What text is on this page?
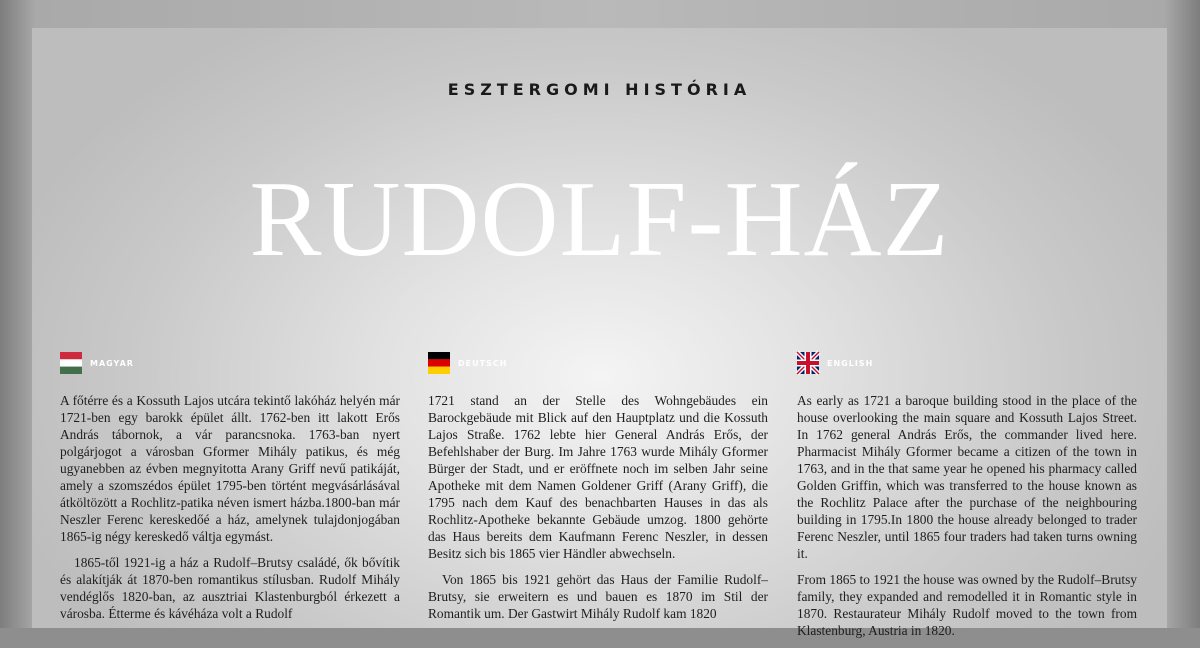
ESZTERGOMI HISTÓRIA
RUDOLF-HÁZ
MAGYAR

A főtérre és a Kossuth Lajos utcára tekintő lakóház helyén már 1721-ben egy barokk épület állt. 1762-ben itt lakott Erős András tábornok, a vár parancsnoka. 1763-ban nyert polgárjogot a városban Gformer Mihály patikus, és még ugyanebben az évben megnyitotta Arany Griff nevű patikáját, amely a szomszédos épület 1795-ben történt megvásárlásával átköltözött a Rochlitz-patika néven ismert házba.1800-ban már Neszler Ferenc kereskedőé a ház, amelynek tulajdonjogában 1865-ig négy kereskedő váltja egymást.

1865-től 1921-ig a ház a Rudolf–Brutsy családé, ők bővítik és alakítják át 1870-ben romantikus stílusban. Rudolf Mihály vendéglős 1820-ban, az ausztriai Klastenburgból érkezett a városba. Étterme és kávéháza volt a Rudolf

DEUTSCH

1721 stand an der Stelle des Wohngebäudes ein Barockgebäude mit Blick auf den Hauptplatz und die Kossuth Lajos Straße. 1762 lebte hier General András Erős, der Befehlshaber der Burg. Im Jahre 1763 wurde Mihály Gformer Bürger der Stadt, und er eröffnete noch im selben Jahr seine Apotheke mit dem Namen Goldener Griff (Arany Griff), die 1795 nach dem Kauf des benachbarten Hauses in das als Rochlitz-Apotheke bekannte Gebäude umzog. 1800 gehörte das Haus bereits dem Kaufmann Ferenc Neszler, in dessen Besitz sich bis 1865 vier Händler abwechseln.

Von 1865 bis 1921 gehört das Haus der Familie Rudolf–Brutsy, sie erweitern es und bauen es 1870 im Stil der Romantik um. Der Gastwirt Mihály Rudolf kam 1820

ENGLISH

As early as 1721 a baroque building stood in the place of the house overlooking the main square and Kossuth Lajos Street. In 1762 general András Erős, the commander lived here. Pharmacist Mihály Gformer became a citizen of the town in 1763, and in the that same year he opened his pharmacy called Golden Griffin, which was transferred to the house known as the Rochlitz Palace after the purchase of the neighbouring building in 1795.In 1800 the house already belonged to trader Ferenc Neszler, until 1865 four traders had taken turns owning it.

From 1865 to 1921 the house was owned by the Rudolf–Brutsy family, they expanded and remodelled it in Romantic style in 1870. Restaurateur Mihály Rudolf moved to the town from Klastenburg, Austria in 1820.
